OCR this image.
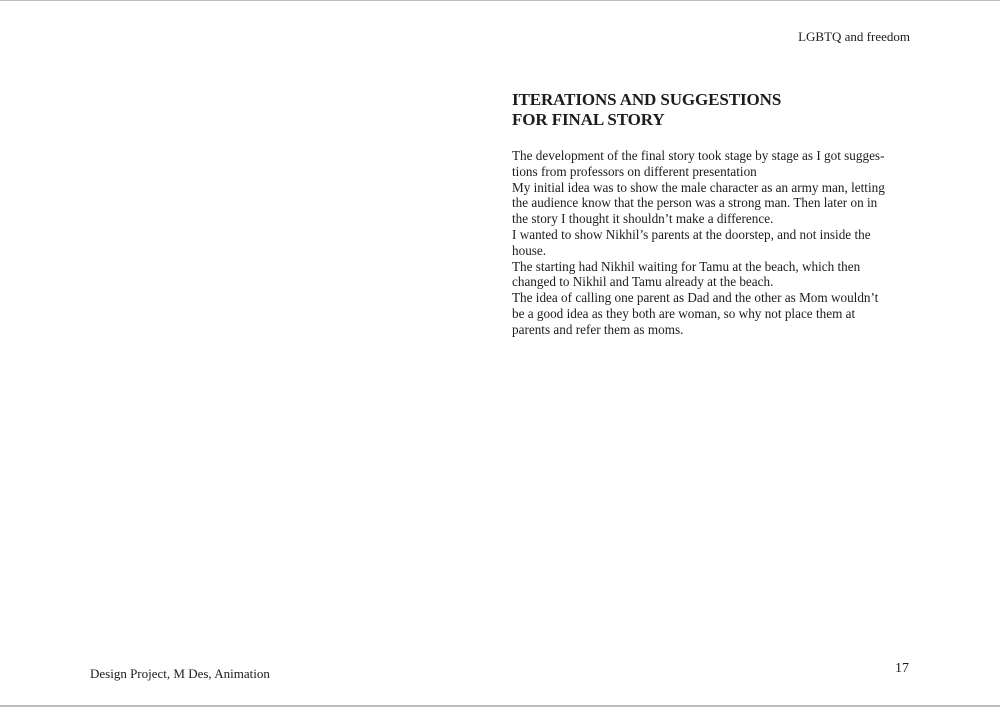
LGBTQ and freedom
ITERATIONS AND SUGGESTIONS
FOR FINAL STORY

The development of the final story took stage by stage as I got sugges-
tions from professors on different presentation
My initial idea was to show the male character as an army man, letting
the audience know that the person was a strong man. Then later on in
the story I thought it shouldn’t make a difference.
I wanted to show Nikhil’s parents at the doorstep, and not inside the
house.
The starting had Nikhil waiting for Tamu at the beach, which then
changed to Nikhil and Tamu already at the beach.
The idea of calling one parent as Dad and the other as Mom wouldn’t
be a good idea as they both are woman, so why not place them at
parents and refer them as moms.

Design Project, M Des, Animation	17
